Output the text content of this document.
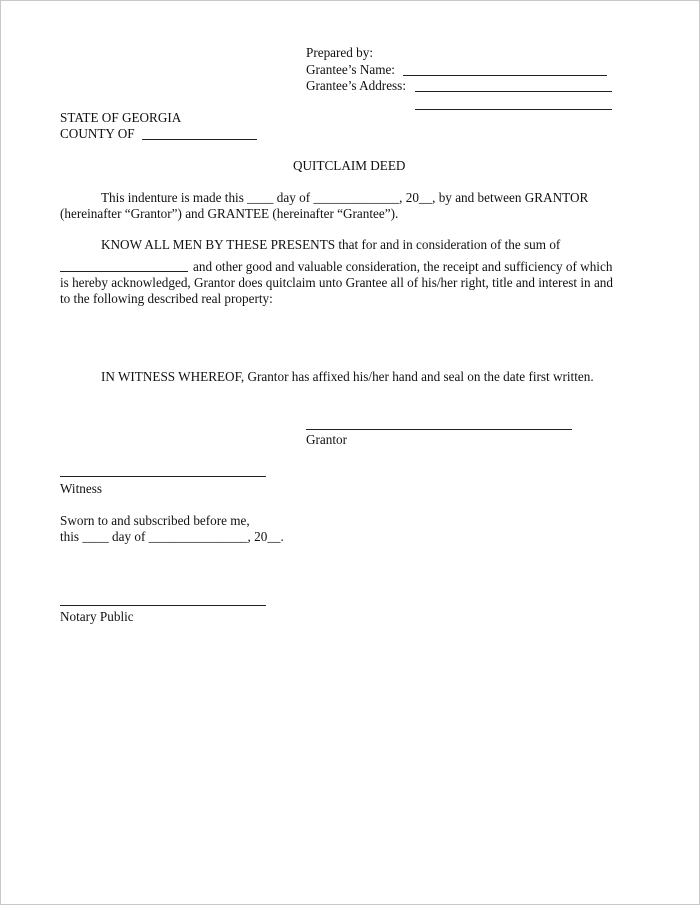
Prepared by:
Grantee’s Name:
Grantee’s Address:
STATE OF GEORGIA
COUNTY OF
QUITCLAIM DEED
This indenture is made this ____ day of _____________, 20__, by and between GRANTOR
(hereinafter “Grantor”) and GRANTEE (hereinafter “Grantee”).
KNOW ALL MEN BY THESE PRESENTS that for and in consideration of the sum of
and other good and valuable consideration, the receipt and sufficiency of which
is hereby acknowledged, Grantor does quitclaim unto Grantee all of his/her right, title and interest in and
to the following described real property:
IN WITNESS WHEREOF, Grantor has affixed his/her hand and seal on the date first written.
Grantor
Witness
Sworn to and subscribed before me,
this ____ day of _______________, 20__.
Notary Public
